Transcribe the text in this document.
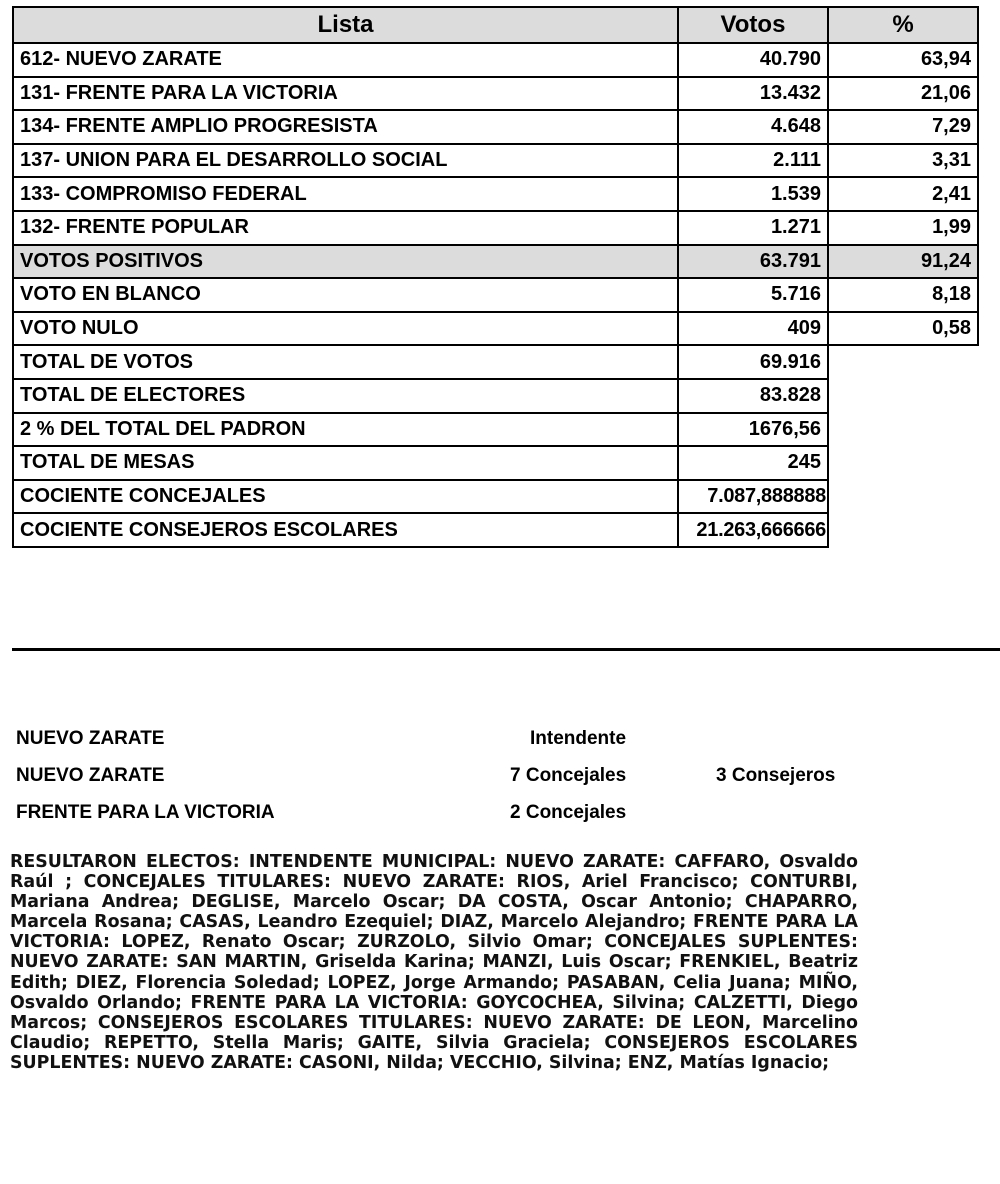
Lista	Votos	%
612- NUEVO ZARATE	40.790	63,94
131- FRENTE PARA LA VICTORIA	13.432	21,06
134- FRENTE AMPLIO PROGRESISTA	4.648	7,29
137- UNION PARA EL DESARROLLO SOCIAL	2.111	3,31
133- COMPROMISO FEDERAL	1.539	2,41
132- FRENTE POPULAR	1.271	1,99
VOTOS POSITIVOS	63.791	91,24
VOTO EN BLANCO	5.716	8,18
VOTO NULO	409	0,58
TOTAL DE VOTOS	69.916	
TOTAL DE ELECTORES	83.828	
2 % DEL TOTAL DEL PADRON	1676,56	
TOTAL DE MESAS	245	
COCIENTE CONCEJALES	7.087,888888	
COCIENTE CONSEJEROS ESCOLARES	21.263,666666	
NUEVO ZARATE	Intendente
NUEVO ZARATE	7 Concejales	3 Consejeros
FRENTE PARA LA VICTORIA	2 Concejales
RESULTARON ELECTOS: INTENDENTE MUNICIPAL: NUEVO ZARATE: CAFFARO, Osvaldo Raúl ; CONCEJALES TITULARES: NUEVO ZARATE: RIOS, Ariel Francisco; CONTURBI, Mariana Andrea; DEGLISE, Marcelo Oscar; DA COSTA, Oscar Antonio; CHAPARRO, Marcela Rosana; CASAS, Leandro Ezequiel; DIAZ, Marcelo Alejandro; FRENTE PARA LA VICTORIA: LOPEZ, Renato Oscar; ZURZOLO, Silvio Omar; CONCEJALES SUPLENTES: NUEVO ZARATE: SAN MARTIN, Griselda Karina; MANZI, Luis Oscar; FRENKIEL, Beatriz Edith; DIEZ, Florencia Soledad; LOPEZ, Jorge Armando; PASABAN, Celia Juana; MIÑO, Osvaldo Orlando; FRENTE PARA LA VICTORIA: GOYCOCHEA, Silvina; CALZETTI, Diego Marcos; CONSEJEROS ESCOLARES TITULARES: NUEVO ZARATE: DE LEON, Marcelino Claudio; REPETTO, Stella Maris; GAITE, Silvia Graciela; CONSEJEROS ESCOLARES SUPLENTES: NUEVO ZARATE: CASONI, Nilda; VECCHIO, Silvina; ENZ, Matías Ignacio;
